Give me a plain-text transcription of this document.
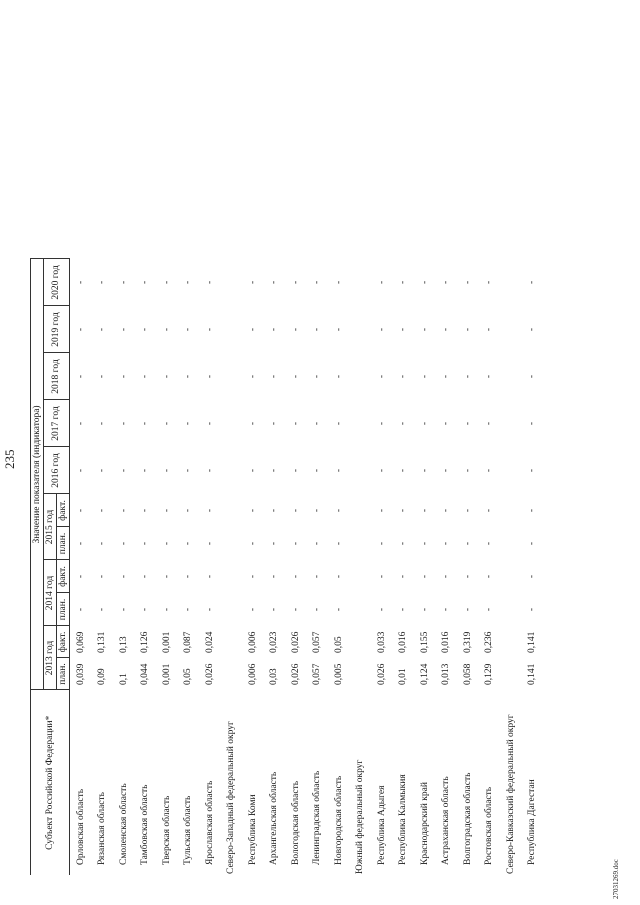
235
Субъект Российской Федерации*	Значение показателя (индикатора)											
	2013 год		2014 год		2015 год		2016 год	2017 год	2018 год	2019 год	2020 год	
	план.	факт.	план.	факт.	план.	факт.						
Орловская область	0,039	0,069	-	-	-	-	-	-	-	-	-	
Рязанская область	0,09	0,131	-	-	-	-	-	-	-	-	-	
Смоленская область	0,1	0,13	-	-	-	-	-	-	-	-	-	
Тамбовская область	0,044	0,126	-	-	-	-	-	-	-	-	-	
Тверская область	0,001	0,001	-	-	-	-	-	-	-	-	-	
Тульская область	0,05	0,087	-	-	-	-	-	-	-	-	-	
Ярославская область	0,026	0,024	-	-	-	-	-	-	-	-	-	
Северо-Западный федеральный округ												
Республика Коми	0,006	0,006	-	-	-	-	-	-	-	-	-	
Архангельская область	0,03	0,023	-	-	-	-	-	-	-	-	-	
Вологодская область	0,026	0,026	-	-	-	-	-	-	-	-	-	
Ленинградская область	0,057	0,057	-	-	-	-	-	-	-	-	-	
Новгородская область	0,005	0,05	-	-	-	-	-	-	-	-	-	
Южный федеральный округ												
Республика Адыгея	0,026	0,033	-	-	-	-	-	-	-	-	-	
Республика Калмыкия	0,01	0,016	-	-	-	-	-	-	-	-	-	
Краснодарский край	0,124	0,155	-	-	-	-	-	-	-	-	-	
Астраханская область	0,013	0,016	-	-	-	-	-	-	-	-	-	
Волгоградская область	0,058	0,319	-	-	-	-	-	-	-	-	-	
Ростовская область	0,129	0,236	-	-	-	-	-	-	-	-	-	
Северо-Кавказский федеральный округ												
Республика Дагестан	0,141	0,141	-	-	-	-	-	-	-	-	-	
27031269.doc
